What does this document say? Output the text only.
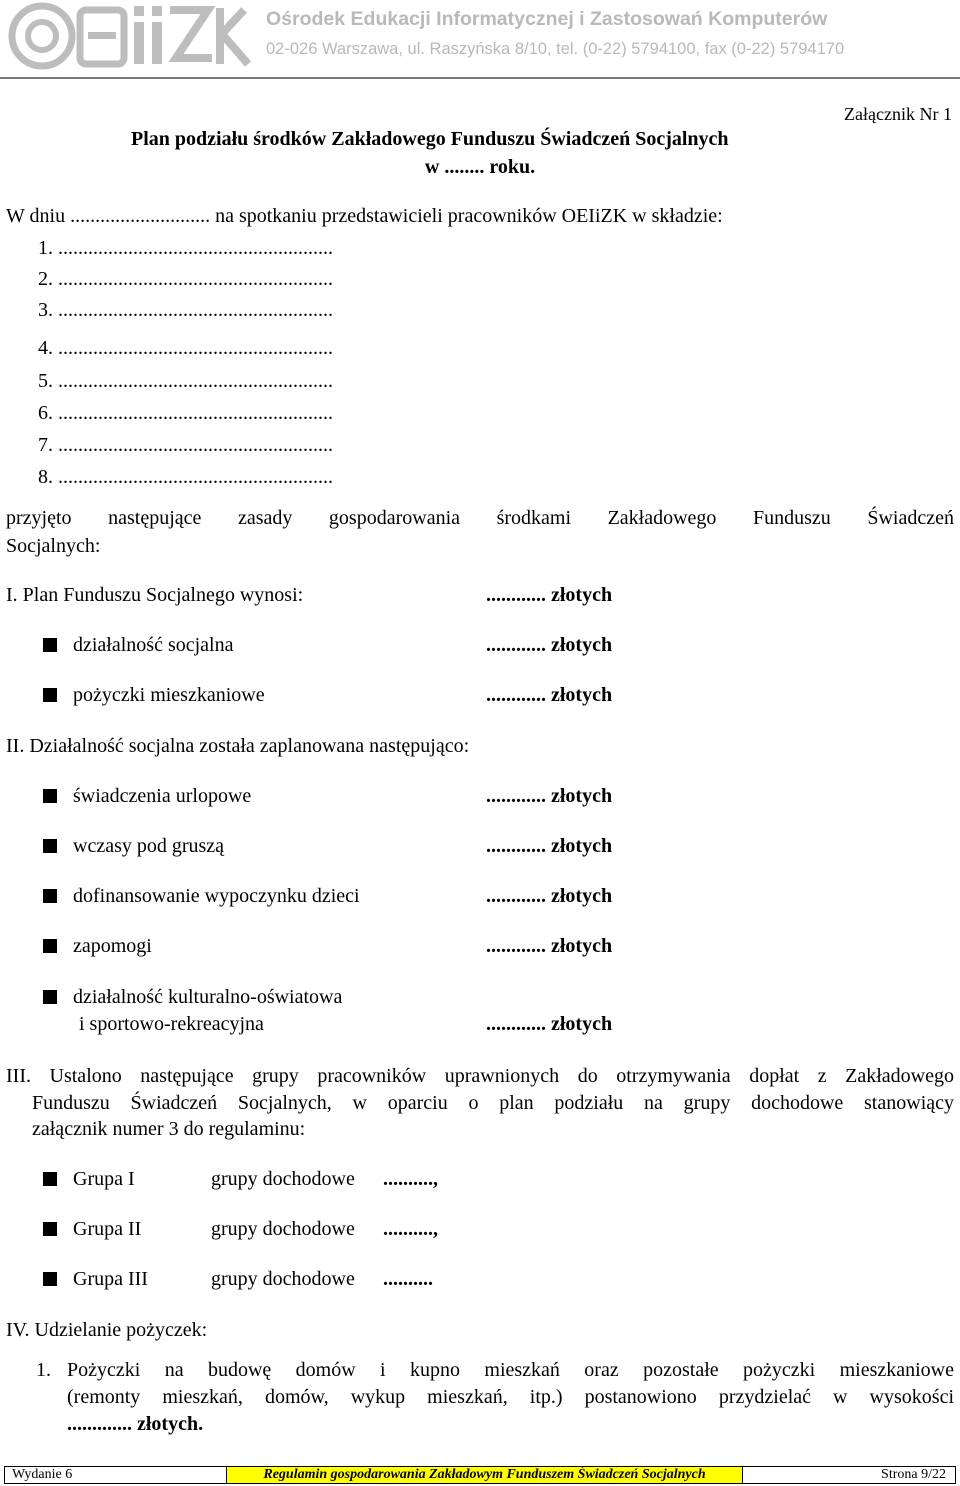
Ośrodek Edukacji Informatycznej i Zastosowań Komputerów
02-026 Warszawa, ul. Raszyńska 8/10, tel. (0-22) 5794100, fax (0-22) 5794170
Załącznik Nr 1
Plan podziału środków Zakładowego Funduszu Świadczeń Socjalnych
w ........ roku.
W dniu ............................ na spotkaniu przedstawicieli pracowników OEIiZK w składzie:
1. .......................................................
2. .......................................................
3. .......................................................
4. .......................................................
5. .......................................................
6. .......................................................
7. .......................................................
8. .......................................................
przyjęto następujące zasady gospodarowania środkami Zakładowego Funduszu Świadczeń
Socjalnych:
I. Plan Funduszu Socjalnego wynosi:	............ złotych
działalność socjalna	............ złotych
pożyczki mieszkaniowe	............ złotych
II. Działalność socjalna została zaplanowana następująco:
świadczenia urlopowe	............ złotych
wczasy pod gruszą	............ złotych
dofinansowanie wypoczynku dzieci	............ złotych
zapomogi	............ złotych
działalność kulturalno-oświatowa
i sportowo-rekreacyjna	............ złotych
III. Ustalono następujące grupy pracowników uprawnionych do otrzymywania dopłat z Zakładowego
Funduszu Świadczeń Socjalnych, w oparciu o plan podziału na grupy dochodowe stanowiący
załącznik numer 3 do regulaminu:
Grupa I	grupy dochodowe ..........,
Grupa II	grupy dochodowe ..........,
Grupa III	grupy dochodowe ..........
IV. Udzielanie pożyczek:
1. Pożyczki na budowę domów i kupno mieszkań oraz pozostałe pożyczki mieszkaniowe
(remonty mieszkań, domów, wykup mieszkań, itp.) postanowiono przydzielać w wysokości
............. złotych.
Wydanie 6	Regulamin gospodarowania Zakładowym Funduszem Świadczeń Socjalnych	Strona 9/22
